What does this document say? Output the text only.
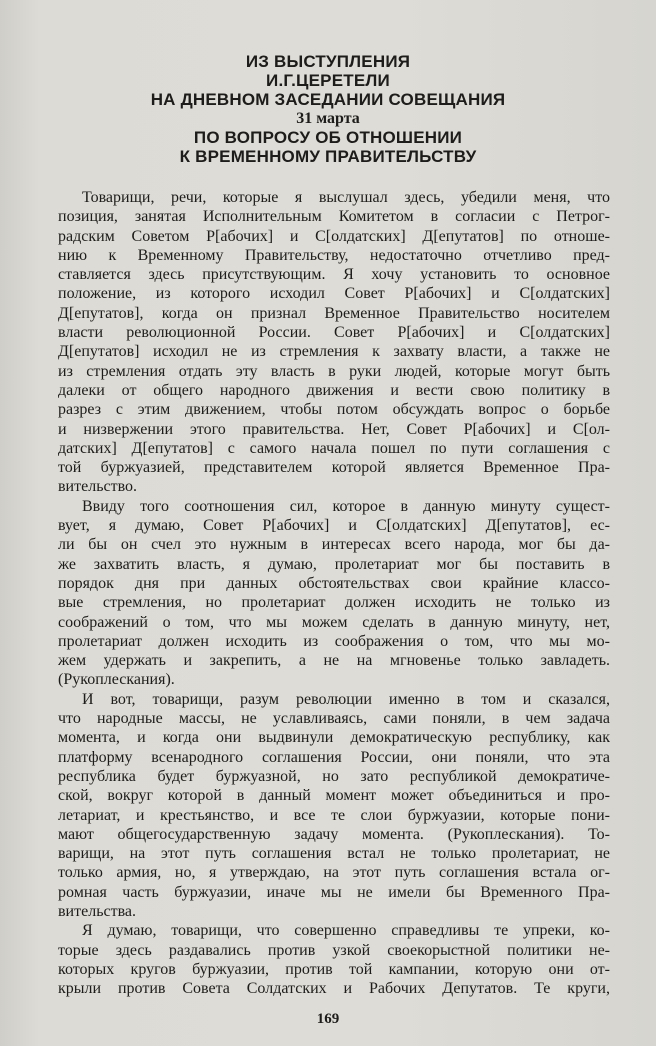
ИЗ ВЫСТУПЛЕНИЯ
И.Г.ЦЕРЕТЕЛИ
НА ДНЕВНОМ ЗАСЕДАНИИ СОВЕЩАНИЯ
31 марта
ПО ВОПРОСУ ОБ ОТНОШЕНИИ
К ВРЕМЕННОМУ ПРАВИТЕЛЬСТВУ
Товарищи, речи, которые я выслушал здесь, убедили меня, что
позиция, занятая Исполнительным Комитетом в согласии с Петрог-
радским Советом Р[абочих] и С[олдатских] Д[епутатов] по отноше-
нию к Временному Правительству, недостаточно отчетливо пред-
ставляется здесь присутствующим. Я хочу установить то основное
положение, из которого исходил Совет Р[абочих] и С[олдатских]
Д[епутатов], когда он признал Временное Правительство носителем
власти революционной России. Совет Р[абочих] и С[олдатских]
Д[епутатов] исходил не из стремления к захвату власти, а также не
из стремления отдать эту власть в руки людей, которые могут быть
далеки от общего народного движения и вести свою политику в
разрез с этим движением, чтобы потом обсуждать вопрос о борьбе
и низвержении этого правительства. Нет, Совет Р[абочих] и С[ол-
датских] Д[епутатов] с самого начала пошел по пути соглашения с
той буржуазией, представителем которой является Временное Пра-
вительство.
Ввиду того соотношения сил, которое в данную минуту сущест-
вует, я думаю, Совет Р[абочих] и С[олдатских] Д[епутатов], ес-
ли бы он счел это нужным в интересах всего народа, мог бы да-
же захватить власть, я думаю, пролетариат мог бы поставить в
порядок дня при данных обстоятельствах свои крайние классо-
вые стремления, но пролетариат должен исходить не только из
соображений о том, что мы можем сделать в данную минуту, нет,
пролетариат должен исходить из соображения о том, что мы мо-
жем удержать и закрепить, а не на мгновенье только завладеть.
(Рукоплескания).
И вот, товарищи, разум революции именно в том и сказался,
что народные массы, не уславливаясь, сами поняли, в чем задача
момента, и когда они выдвинули демократическую республику, как
платформу всенародного соглашения России, они поняли, что эта
республика будет буржуазной, но зато республикой демократиче-
ской, вокруг которой в данный момент может объединиться и про-
летариат, и крестьянство, и все те слои буржуазии, которые пони-
мают общегосударственную задачу момента. (Рукоплескания). То-
варищи, на этот путь соглашения встал не только пролетариат, не
только армия, но, я утверждаю, на этот путь соглашения встала ог-
ромная часть буржуазии, иначе мы не имели бы Временного Пра-
вительства.
Я думаю, товарищи, что совершенно справедливы те упреки, ко-
торые здесь раздавались против узкой своекорыстной политики не-
которых кругов буржуазии, против той кампании, которую они от-
крыли против Совета Солдатских и Рабочих Депутатов. Те круги,
169
